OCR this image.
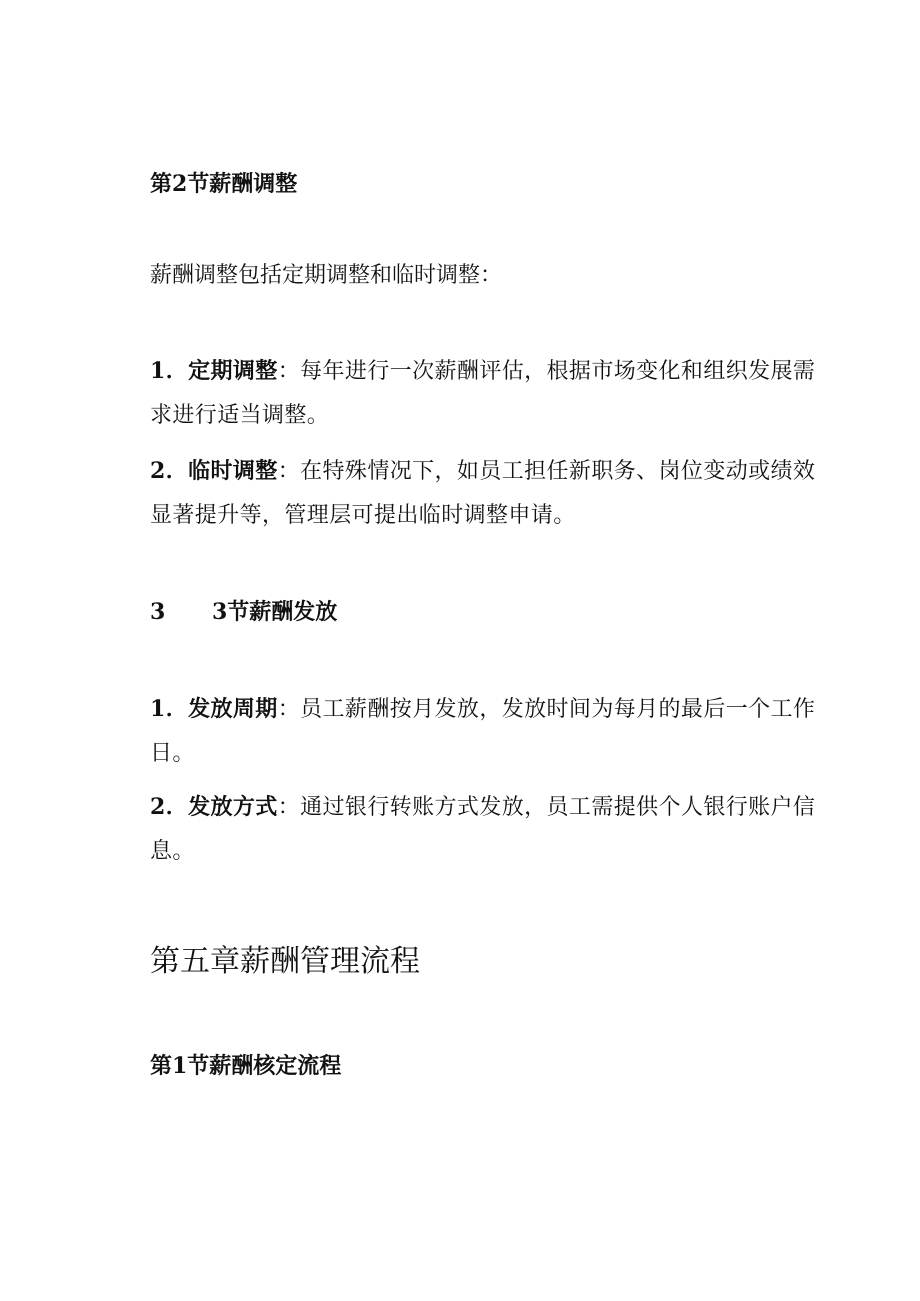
第2节薪酬调整

薪酬调整包括定期调整和临时调整：

1．定期调整：每年进行一次薪酬评估，根据市场变化和组织发展需求进行适当调整。

2．临时调整：在特殊情况下，如员工担任新职务、岗位变动或绩效显著提升等，管理层可提出临时调整申请。

3 3节薪酬发放

1．发放周期：员工薪酬按月发放，发放时间为每月的最后一个工作日。

2．发放方式：通过银行转账方式发放，员工需提供个人银行账户信息。

第五章薪酬管理流程
第1节薪酬核定流程
